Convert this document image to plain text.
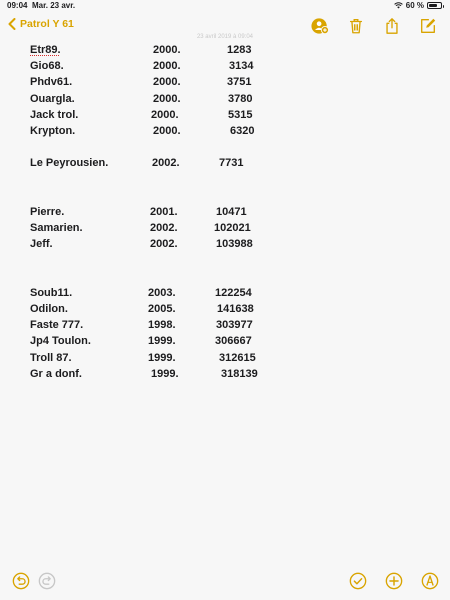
09:04 Mar. 23 avr.	60 %
Patrol Y 61
23 avril 2019 à 09:04
Etr89.	2000.	1283
Gio68.	2000.	3134
Phdv61.	2000.	3751
Ouargla.	2000.	3780
Jack trol.	2000.	5315
Krypton.	2000.	6320
Le Peyrousien.	2002.	7731
Pierre.	2001.	10471
Samarien.	2002.	102021
Jeff.	2002.	103988
Soub11.	2003.	122254
Odilon.	2005.	141638
Faste 777.	1998.	303977
Jp4 Toulon.	1999.	306667
Troll 87.	1999.	312615
Gr a donf.	1999.	318139
